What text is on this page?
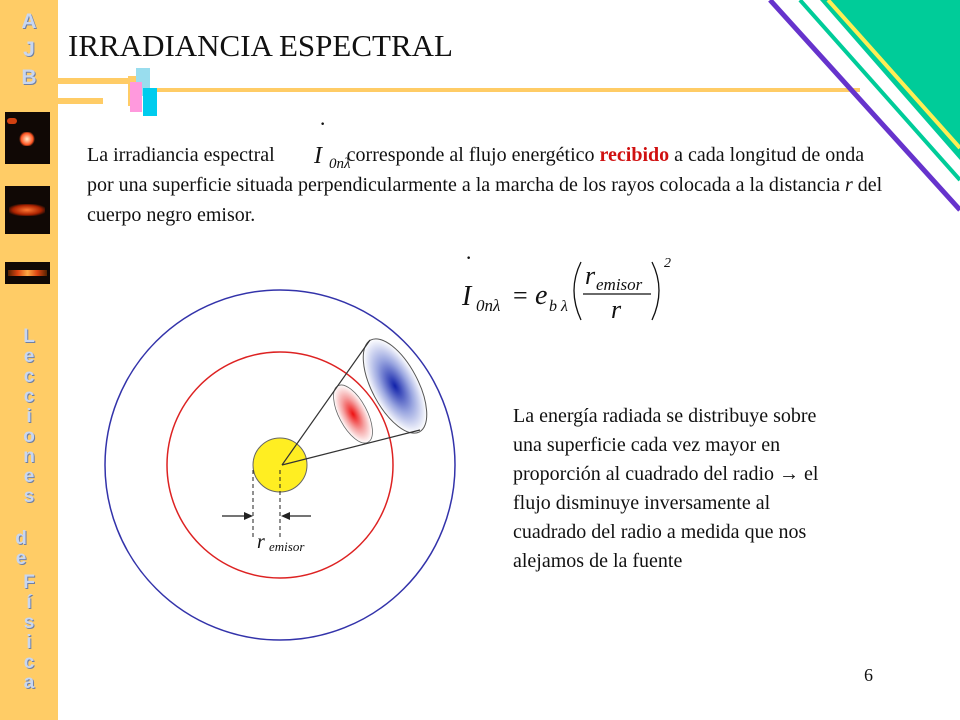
A
J
B
L
e
c
c
i
o
n
e
s
d
e
F
í
s
i
c
a
r emisor
·
I 0nλ
·
I 0nλ = e b λ
r emisor
r
2
IRRADIANCIA ESPECTRAL
La irradiancia espectral	corresponde al flujo energético recibido a cada longitud de onda por una superficie situada perpendicularmente a la marcha de los rayos colocada a la distancia r del cuerpo negro emisor.
La energía radiada se distribuye sobre una superficie cada vez mayor en proporción al cuadrado del radio → el flujo disminuye inversamente al cuadrado del radio a medida que nos alejamos de la fuente
6
